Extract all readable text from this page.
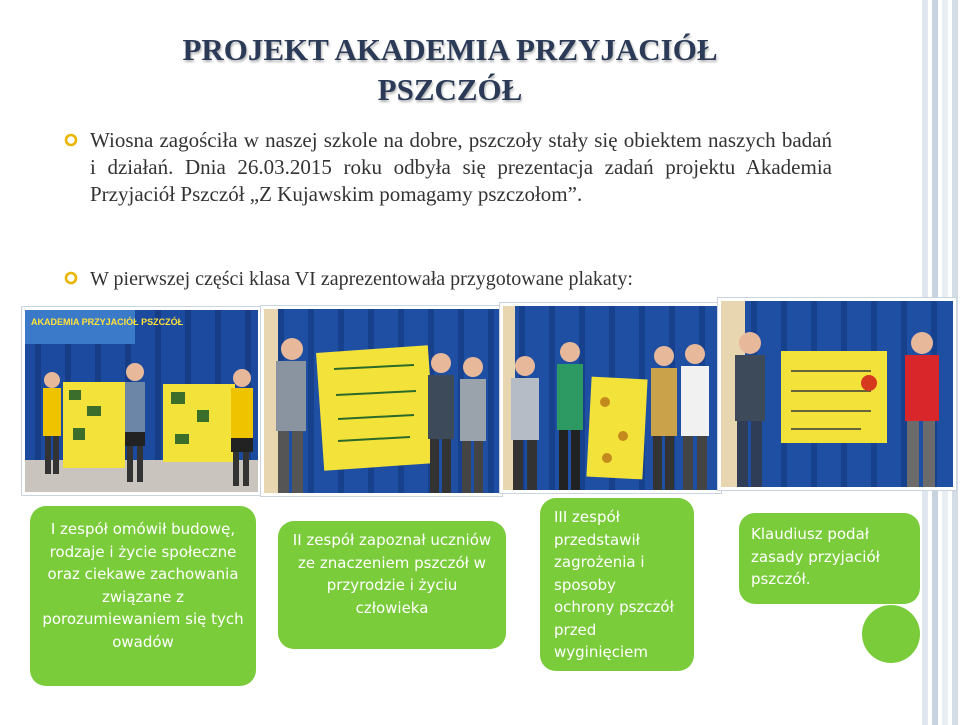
PROJEKT AKADEMIA PRZYJACIÓŁ
PSZCZÓŁ
Wiosna zagościła w naszej szkole na dobre, pszczoły stały się obiektem naszych badań i działań. Dnia 26.03.2015 roku odbyła się prezentacja zadań projektu Akademia Przyjaciół Pszczół „Z Kujawskim pomagamy pszczołom”.
W pierwszej części klasa VI zaprezentowała przygotowane plakaty:
AKADEMIA PRZYJACIÓŁ PSZCZÓŁ
I zespół omówił budowę, rodzaje i życie społeczne oraz ciekawe zachowania związane z porozumiewaniem się tych owadów
II zespół zapoznał uczniów ze znaczeniem pszczół w przyrodzie i życiu człowieka
III zespół przedstawił zagrożenia i sposoby ochrony pszczół przed wyginięciem
Klaudiusz podał zasady przyjaciół pszczół.
